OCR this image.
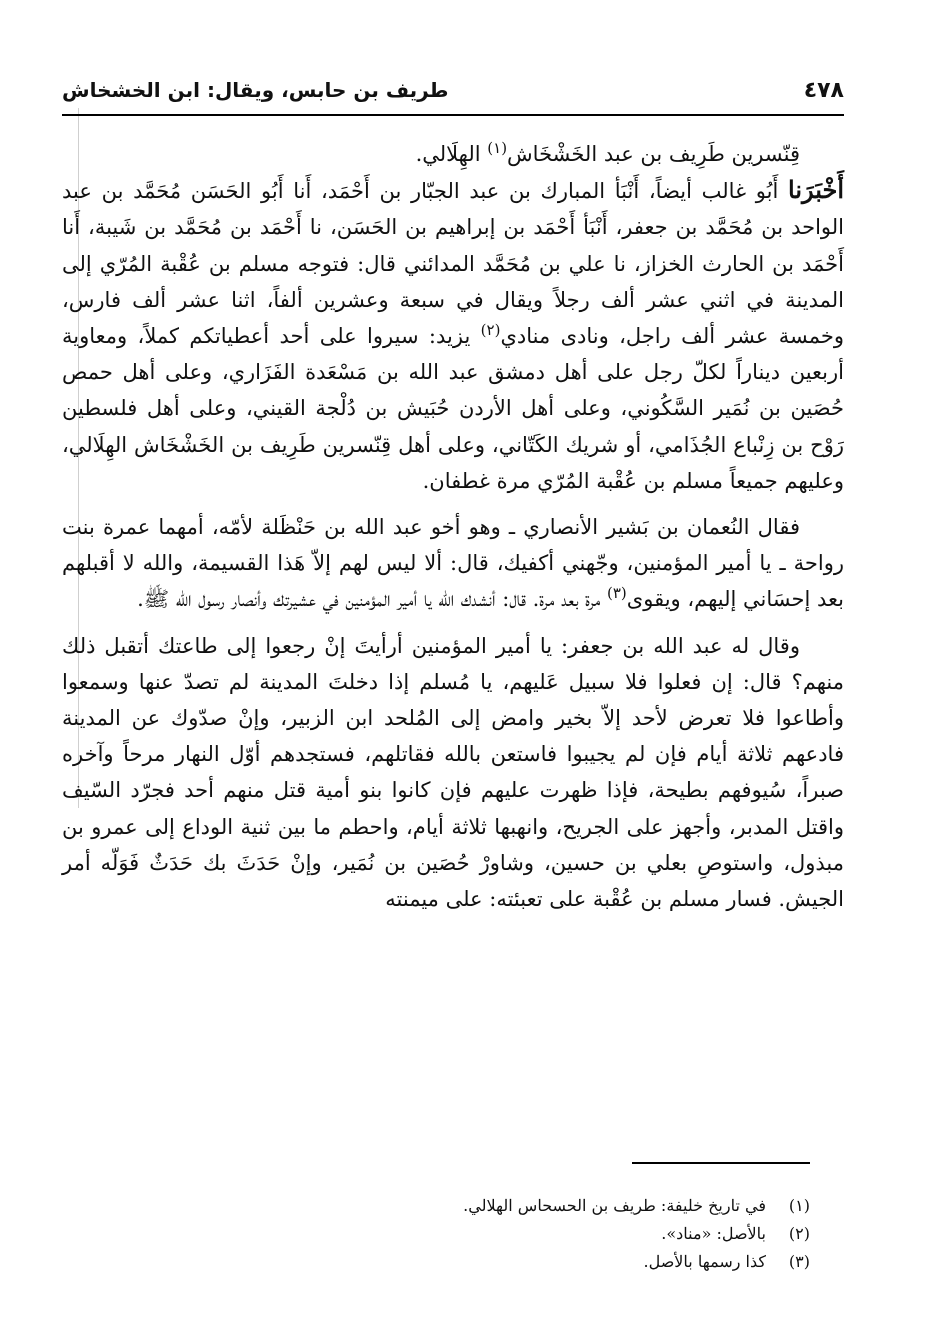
٤٧٨
طريف بن حابس، ويقال: ابن الخشخاش

قِنّسرين طَرِيف بن عبد الخَشْخَاش$^{(١)}$ الهِلَالي.

أَخْبَرَنا أَبُو غالب أيضاً، أَنْبَأ المبارك بن عبد الجبّار بن أَحْمَد، أَنا أَبُو الحَسَن مُحَمَّد بن عبد الواحد بن مُحَمَّد بن جعفر، أَنْبَأ أَحْمَد بن إبراهيم بن الحَسَن، نا أَحْمَد بن مُحَمَّد بن شَيبة، أَنا أَحْمَد بن الحارث الخزاز، نا علي بن مُحَمَّد المدائني قال: فتوجه مسلم بن عُقْبة المُرّي إلى المدينة في اثني عشر ألف رجلاً ويقال في سبعة وعشرين ألفاً، اثنا عشر ألف فارس، وخمسة عشر ألف راجل، ونادى منادي$^{(٢)}$ يزيد: سيروا على أحد أعطياتكم كملاً، ومعاوية أربعين ديناراً لكلّ رجل على أهل دمشق عبد الله بن مَسْعَدة الفَزَاري، وعلى أهل حمص حُصَين بن نُمَير السَّكُوني، وعلى أهل الأردن حُبَيش بن دُلْجة القيني، وعلى أهل فلسطين رَوْح بن زِنْباع الجُذَامي، أو شريك الكَتّاني، وعلى أهل قِنّسرين طَرِيف بن الخَشْخَاش الهِلَالي، وعليهم جميعاً مسلم بن عُقْبة المُرّي مرة غطفان.

فقال النُعمان بن بَشير الأنصاري ـ وهو أخو عبد الله بن حَنْظَلة لأمّه، أمهما عمرة بنت رواحة ـ يا أمير المؤمنين، وجّهني أكفيك، قال: ألا ليس لهم إلاّ هَذا القسيمة، والله لا أقبلهم بعد إحسَاني إليهم، ويقوى$^{(٣)}$ مرة بعد مرة. قال: أنشدك الله يا أمير المؤمنين في عشيرتك وأنصار رسول الله ﷺ.

وقال له عبد الله بن جعفر: يا أمير المؤمنين أرأيتَ إنْ رجعوا إلى طاعتك أتقبل ذلك منهم؟ قال: إن فعلوا فلا سبيل عَليهم، يا مُسلم إذا دخلتَ المدينة لم تصدّ عنها وسمعوا وأطاعوا فلا تعرض لأحد إلاّ بخير وامض إلى المُلحد ابن الزبير، وإنْ صدّوك عن المدينة فادعهم ثلاثة أيام فإن لم يجيبوا فاستعن بالله فقاتلهم، فستجدهم أوّل النهار مرحاً وآخره صبراً، سُيوفهم بطيحة، فإذا ظهرت عليهم فإن كانوا بنو أمية قتل منهم أحد فجرّد السّيف واقتل المدبر، وأجهز على الجريح، وانهبها ثلاثة أيام، واحطم ما بين ثنية الوداع إلى عمرو بن مبذول، واستوصِ بعلي بن حسين، وشاورْ حُصَين بن نُمَير، وإنْ حَدَثَ بك حَدَثٌ فَوَلّه أمر الجيش. فسار مسلم بن عُقْبة على تعبئته: على ميمنته

(١)
في تاريخ خليفة: طريف بن الحسحاس الهلالي.
(٢)
بالأصل: «مناد».
(٣)
كذا رسمها بالأصل.
